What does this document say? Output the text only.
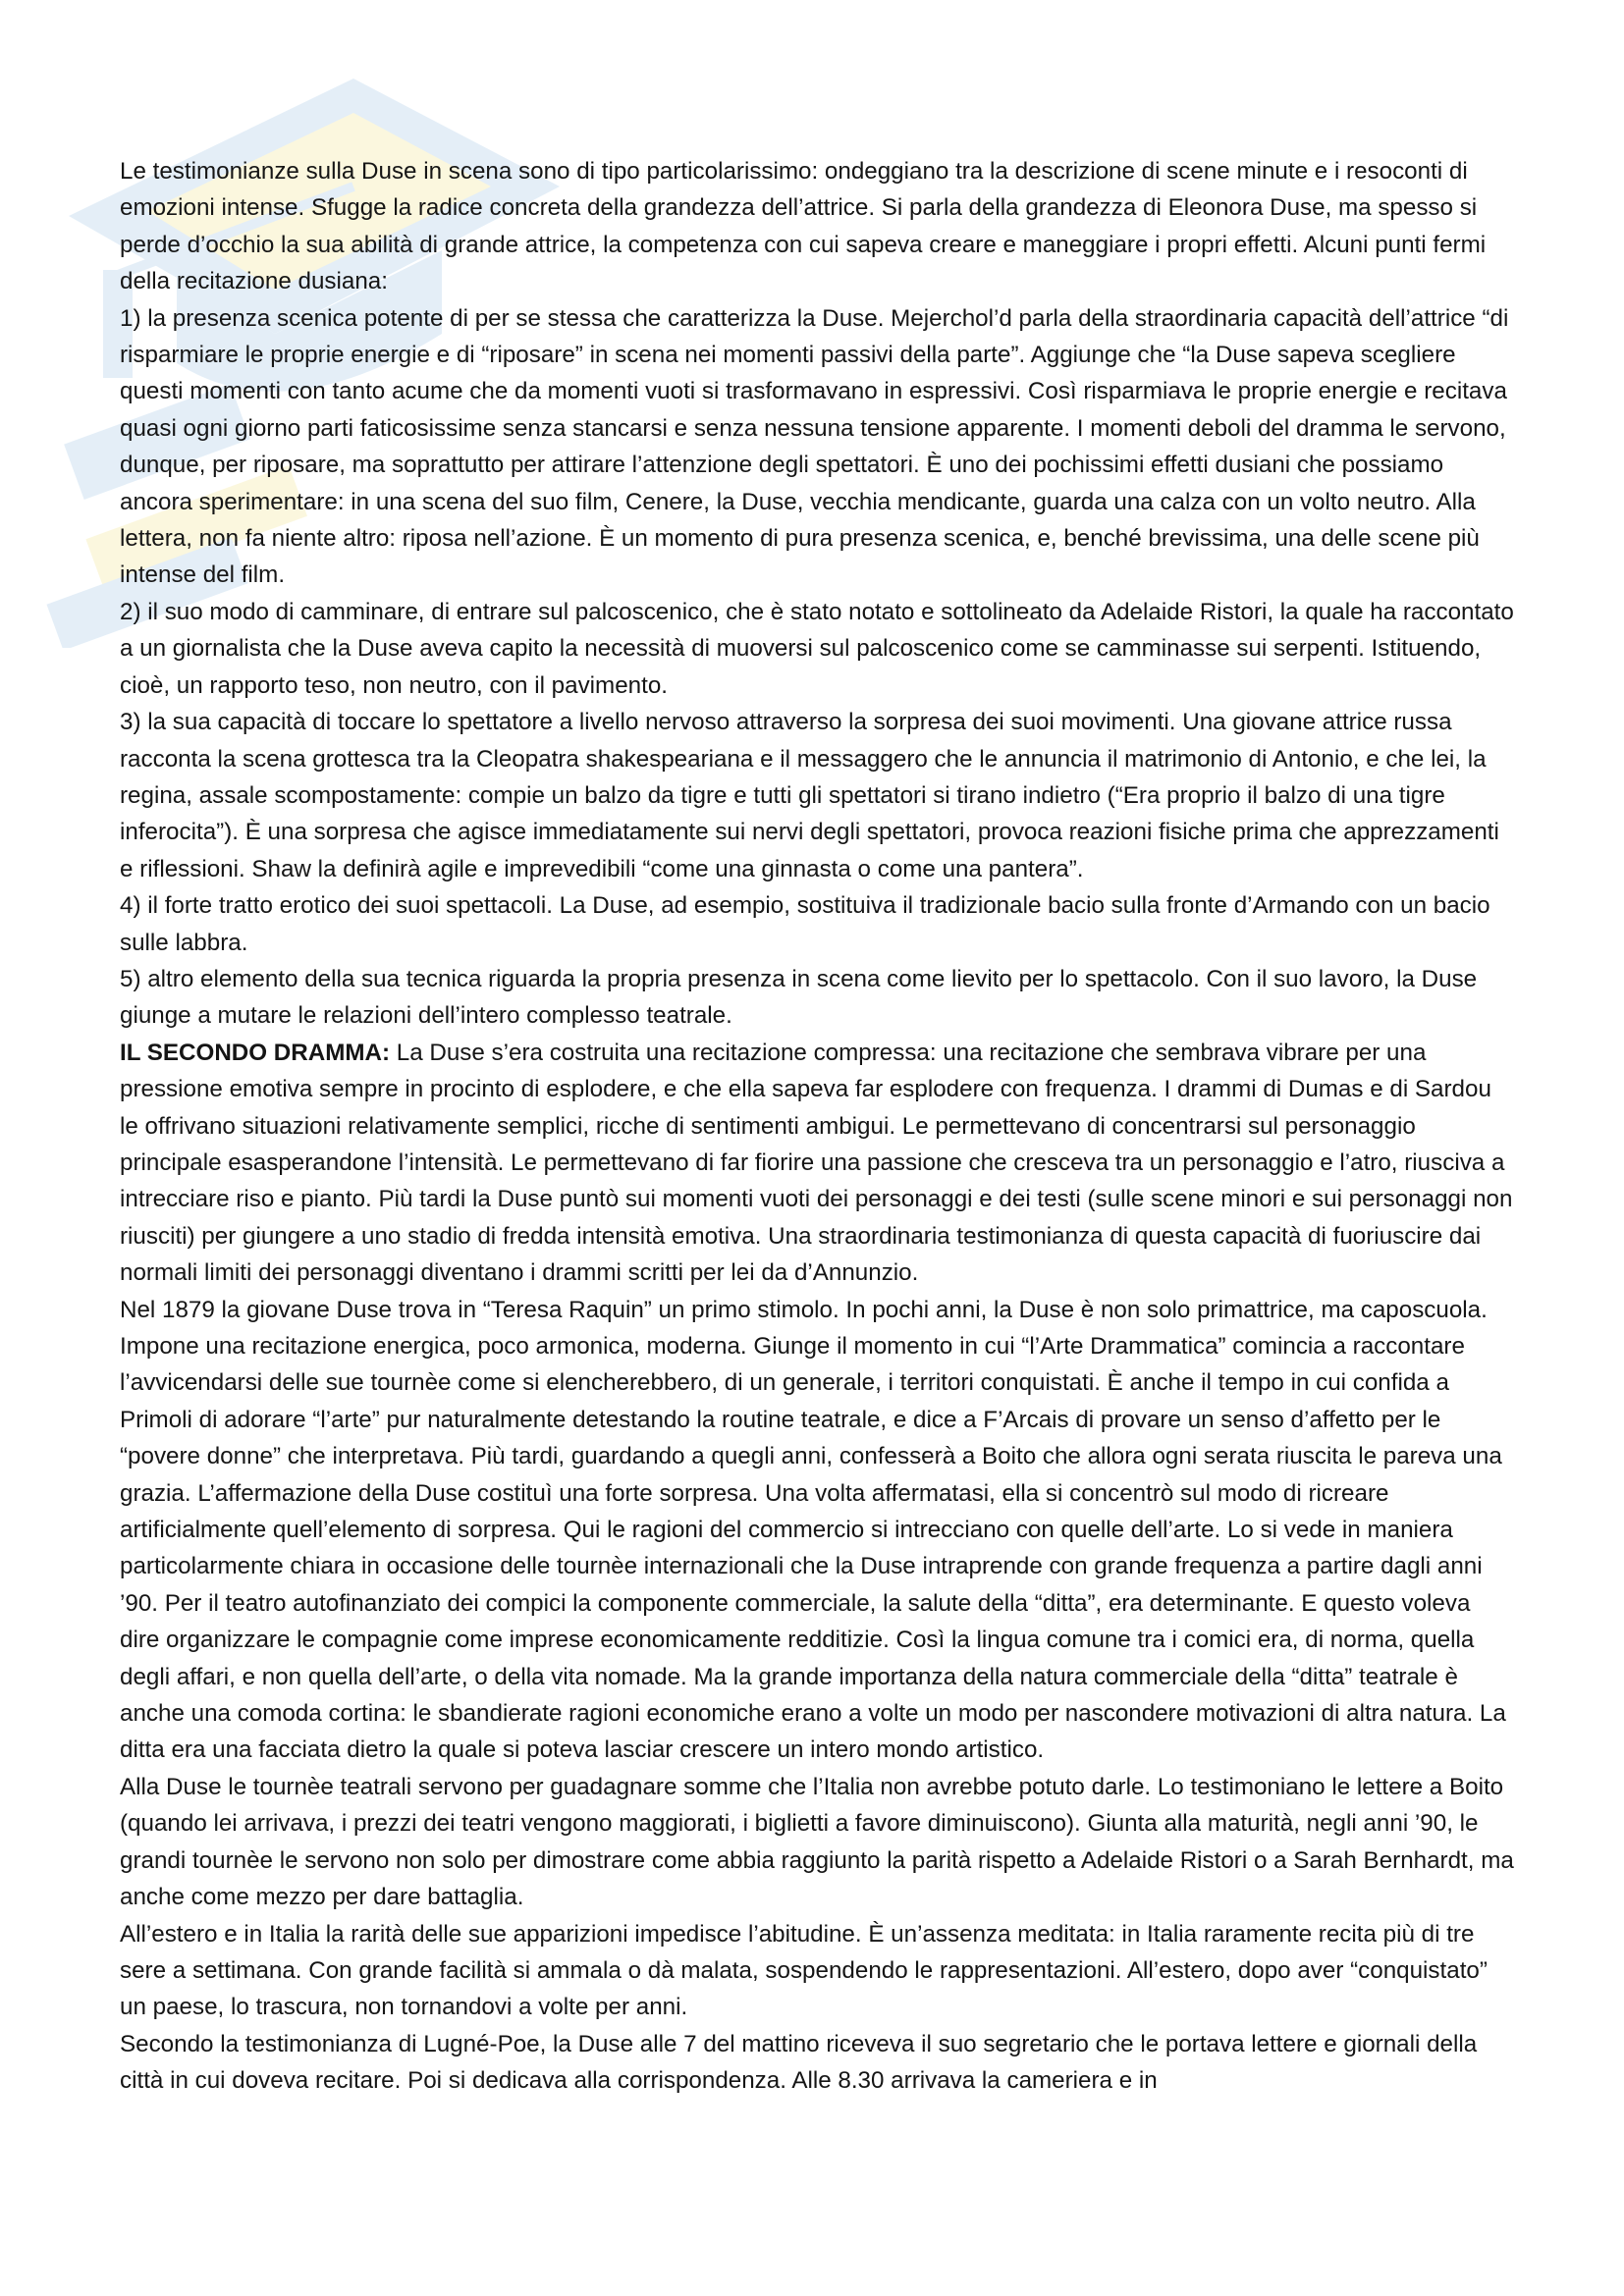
Le testimonianze sulla Duse in scena sono di tipo particolarissimo: ondeggiano tra la descrizione di scene minute e i resoconti di emozioni intense. Sfugge la radice concreta della grandezza dell’attrice. Si parla della grandezza di Eleonora Duse, ma spesso si perde d’occhio la sua abilità di grande attrice, la competenza con cui sapeva creare e maneggiare i propri effetti. Alcuni punti fermi della recitazione dusiana:

1) la presenza scenica potente di per se stessa che caratterizza la Duse. Mejerchol’d parla della straordinaria capacità dell’attrice “di risparmiare le proprie energie e di “riposare” in scena nei momenti passivi della parte”. Aggiunge che “la Duse sapeva scegliere questi momenti con tanto acume che da momenti vuoti si trasformavano in espressivi. Così risparmiava le proprie energie e recitava quasi ogni giorno parti faticosissime senza stancarsi e senza nessuna tensione apparente. I momenti deboli del dramma le servono, dunque, per riposare, ma soprattutto per attirare l’attenzione degli spettatori. È uno dei pochissimi effetti dusiani che possiamo ancora sperimentare: in una scena del suo film, Cenere, la Duse, vecchia mendicante, guarda una calza con un volto neutro. Alla lettera, non fa niente altro: riposa nell’azione. È un momento di pura presenza scenica, e, benché brevissima, una delle scene più intense del film.

2) il suo modo di camminare, di entrare sul palcoscenico, che è stato notato e sottolineato da Adelaide Ristori, la quale ha raccontato a un giornalista che la Duse aveva capito la necessità di muoversi sul palcoscenico come se camminasse sui serpenti. Istituendo, cioè, un rapporto teso, non neutro, con il pavimento.

3) la sua capacità di toccare lo spettatore a livello nervoso attraverso la sorpresa dei suoi movimenti. Una giovane attrice russa racconta la scena grottesca tra la Cleopatra shakespeariana e il messaggero che le annuncia il matrimonio di Antonio, e che lei, la regina, assale scompostamente: compie un balzo da tigre e tutti gli spettatori si tirano indietro (“Era proprio il balzo di una tigre inferocita”). È una sorpresa che agisce immediatamente sui nervi degli spettatori, provoca reazioni fisiche prima che apprezzamenti e riflessioni. Shaw la definirà agile e imprevedibili “come una ginnasta o come una pantera”.

4) il forte tratto erotico dei suoi spettacoli. La Duse, ad esempio, sostituiva il tradizionale bacio sulla fronte d’Armando con un bacio sulle labbra.

5) altro elemento della sua tecnica riguarda la propria presenza in scena come lievito per lo spettacolo. Con il suo lavoro, la Duse giunge a mutare le relazioni dell’intero complesso teatrale.

IL SECONDO DRAMMA: La Duse s’era costruita una recitazione compressa: una recitazione che sembrava vibrare per una pressione emotiva sempre in procinto di esplodere, e che ella sapeva far esplodere con frequenza. I drammi di Dumas e di Sardou le offrivano situazioni relativamente semplici, ricche di sentimenti ambigui. Le permettevano di concentrarsi sul personaggio principale esasperandone l’intensità. Le permettevano di far fiorire una passione che cresceva tra un personaggio e l’atro, riusciva a intrecciare riso e pianto. Più tardi la Duse puntò sui momenti vuoti dei personaggi e dei testi (sulle scene minori e sui personaggi non riusciti) per giungere a uno stadio di fredda intensità emotiva. Una straordinaria testimonianza di questa capacità di fuoriuscire dai normali limiti dei personaggi diventano i drammi scritti per lei da d’Annunzio.

Nel 1879 la giovane Duse trova in “Teresa Raquin” un primo stimolo. In pochi anni, la Duse è non solo primattrice, ma caposcuola. Impone una recitazione energica, poco armonica, moderna. Giunge il momento in cui “l’Arte Drammatica” comincia a raccontare l’avvicendarsi delle sue tournèe come si elencherebbero, di un generale, i territori conquistati. È anche il tempo in cui confida a Primoli di adorare “l’arte” pur naturalmente detestando la routine teatrale, e dice a F’Arcais di provare un senso d’affetto per le “povere donne” che interpretava. Più tardi, guardando a quegli anni, confesserà a Boito che allora ogni serata riuscita le pareva una grazia. L’affermazione della Duse costituì una forte sorpresa. Una volta affermatasi, ella si concentrò sul modo di ricreare artificialmente quell’elemento di sorpresa. Qui le ragioni del commercio si intrecciano con quelle dell’arte. Lo si vede in maniera particolarmente chiara in occasione delle tournèe internazionali che la Duse intraprende con grande frequenza a partire dagli anni ’90. Per il teatro autofinanziato dei compici la componente commerciale, la salute della “ditta”, era determinante. E questo voleva dire organizzare le compagnie come imprese economicamente redditizie. Così la lingua comune tra i comici era, di norma, quella degli affari, e non quella dell’arte, o della vita nomade. Ma la grande importanza della natura commerciale della “ditta” teatrale è anche una comoda cortina: le sbandierate ragioni economiche erano a volte un modo per nascondere motivazioni di altra natura. La ditta era una facciata dietro la quale si poteva lasciar crescere un intero mondo artistico.

Alla Duse le tournèe teatrali servono per guadagnare somme che l’Italia non avrebbe potuto darle. Lo testimoniano le lettere a Boito (quando lei arrivava, i prezzi dei teatri vengono maggiorati, i biglietti a favore diminuiscono). Giunta alla maturità, negli anni ’90, le grandi tournèe le servono non solo per dimostrare come abbia raggiunto la parità rispetto a Adelaide Ristori o a Sarah Bernhardt, ma anche come mezzo per dare battaglia.

All’estero e in Italia la rarità delle sue apparizioni impedisce l’abitudine. È un’assenza meditata: in Italia raramente recita più di tre sere a settimana. Con grande facilità si ammala o dà malata, sospendendo le rappresentazioni. All’estero, dopo aver “conquistato” un paese, lo trascura, non tornandovi a volte per anni.

Secondo la testimonianza di Lugné-Poe, la Duse alle 7 del mattino riceveva il suo segretario che le portava lettere e giornali della città in cui doveva recitare. Poi si dedicava alla corrispondenza. Alle 8.30 arrivava la cameriera e in
